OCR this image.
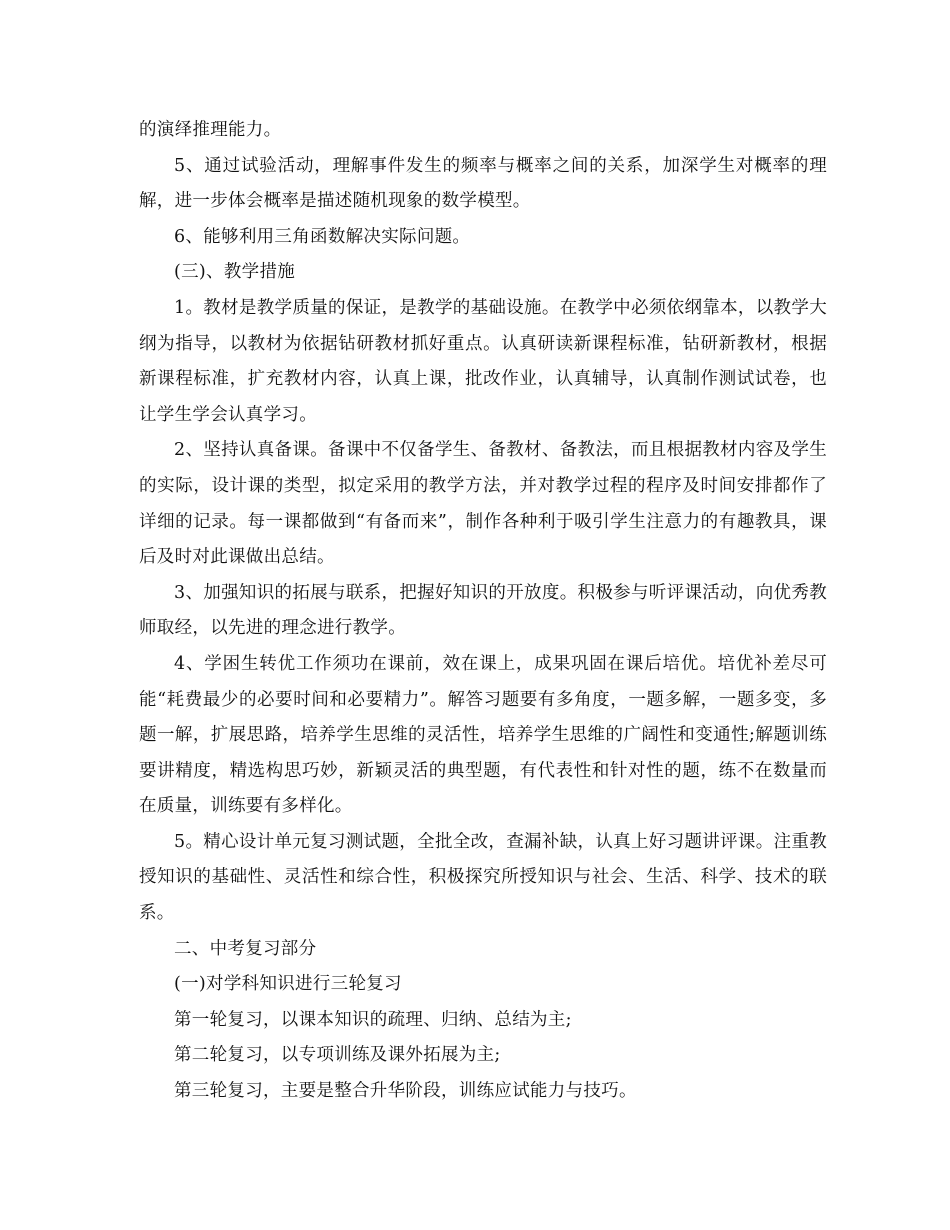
的演绎推理能力。

5、通过试验活动，理解事件发生的频率与概率之间的关系，加深学生对概率的理解，进一步体会概率是描述随机现象的数学模型。

6、能够利用三角函数解决实际问题。

(三)、教学措施

1。教材是教学质量的保证，是教学的基础设施。在教学中必须依纲靠本，以教学大纲为指导，以教材为依据钻研教材抓好重点。认真研读新课程标准，钻研新教材，根据新课程标准，扩充教材内容，认真上课，批改作业，认真辅导，认真制作测试试卷，也让学生学会认真学习。

2、坚持认真备课。备课中不仅备学生、备教材、备教法，而且根据教材内容及学生的实际，设计课的类型，拟定采用的教学方法，并对教学过程的程序及时间安排都作了详细的记录。每一课都做到“有备而来”，制作各种利于吸引学生注意力的有趣教具，课后及时对此课做出总结。

3、加强知识的拓展与联系，把握好知识的开放度。积极参与听评课活动，向优秀教师取经，以先进的理念进行教学。

4、学困生转优工作须功在课前，效在课上，成果巩固在课后培优。培优补差尽可能“耗费最少的必要时间和必要精力”。解答习题要有多角度，一题多解，一题多变，多题一解，扩展思路，培养学生思维的灵活性，培养学生思维的广阔性和变通性;解题训练要讲精度，精选构思巧妙，新颖灵活的典型题，有代表性和针对性的题，练不在数量而在质量，训练要有多样化。

5。精心设计单元复习测试题，全批全改，查漏补缺，认真上好习题讲评课。注重教授知识的基础性、灵活性和综合性，积极探究所授知识与社会、生活、科学、技术的联系。

二、中考复习部分

(一)对学科知识进行三轮复习

第一轮复习，以课本知识的疏理、归纳、总结为主;

第二轮复习，以专项训练及课外拓展为主;

第三轮复习，主要是整合升华阶段，训练应试能力与技巧。
